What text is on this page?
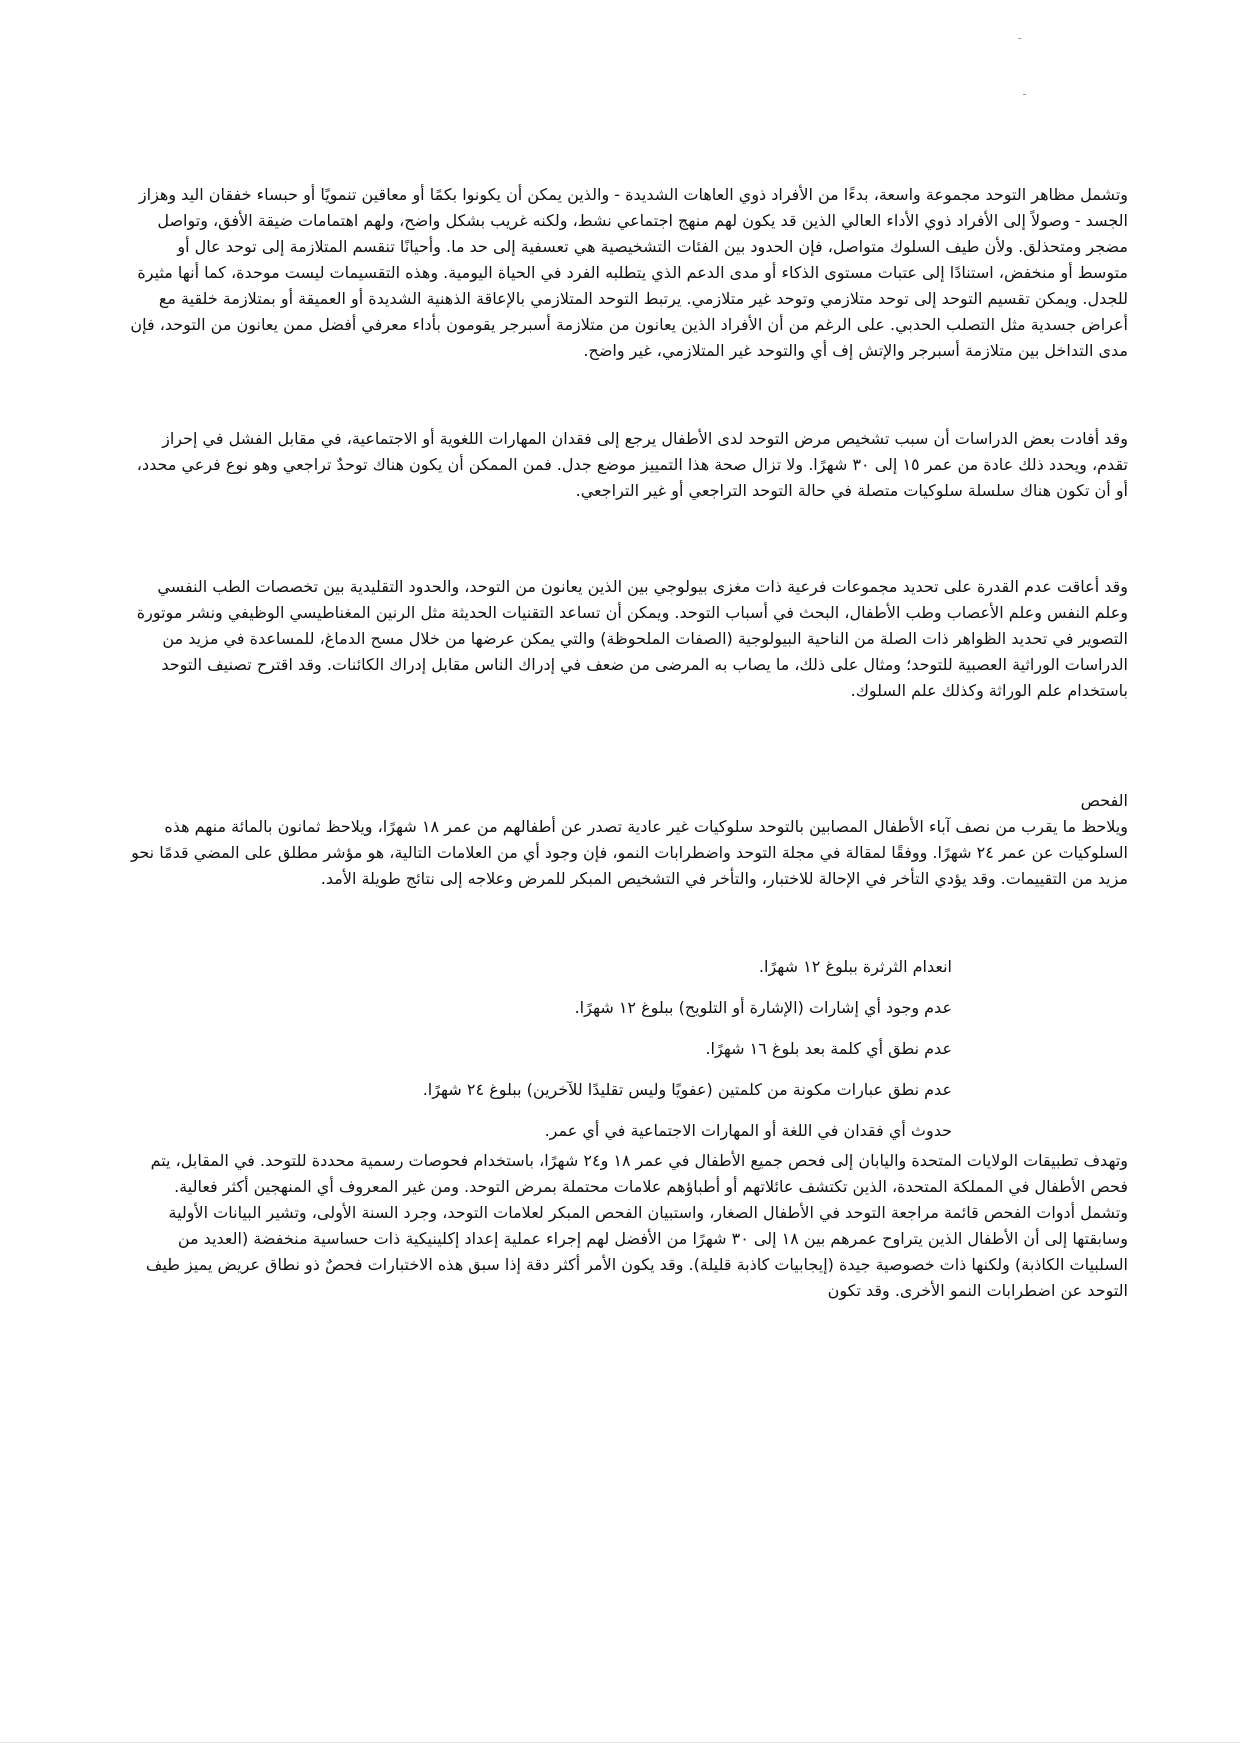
وتشمل مظاهر التوحد مجموعة واسعة، بدءًا من الأفراد ذوي العاهات الشديدة - والذين يمكن أن يكونوا بكمًا أو معاقين تنمويًا أو حبساء خفقان اليد وهزاز الجسد - وصولاً إلى الأفراد ذوي الأداء العالي الذين قد يكون لهم منهج اجتماعي نشط، ولكنه غريب بشكل واضح، ولهم اهتمامات ضيقة الأفق، وتواصل مضجر ومتحذلق. ولأن طيف السلوك متواصل، فإن الحدود بين الفئات التشخيصية هي تعسفية إلى حد ما. وأحيانًا تنقسم المتلازمة إلى توحد عال أو متوسط أو منخفض، استنادًا إلى عتبات مستوى الذكاء أو مدى الدعم الذي يتطلبه الفرد في الحياة اليومية. وهذه التقسيمات ليست موحدة، كما أنها مثيرة للجدل. ويمكن تقسيم التوحد إلى توحد متلازمي وتوحد غير متلازمي. يرتبط التوحد المتلازمي بالإعاقة الذهنية الشديدة أو العميقة أو بمتلازمة خلقية مع أعراض جسدية مثل التصلب الحدبي. على الرغم من أن الأفراد الذين يعانون من متلازمة أسبرجر يقومون بأداء معرفي أفضل ممن يعانون من التوحد، فإن مدى التداخل بين متلازمة أسبرجر والإتش إف أي والتوحد غير المتلازمي، غير واضح.

وقد أفادت بعض الدراسات أن سبب تشخيص مرض التوحد لدى الأطفال يرجع إلى فقدان المهارات اللغوية أو الاجتماعية، في مقابل الفشل في إحراز تقدم، ويحدد ذلك عادة من عمر ١٥ إلى ٣٠ شهرًا. ولا تزال صحة هذا التمييز موضع جدل. فمن الممكن أن يكون هناك توحدٌ تراجعي وهو نوع فرعي محدد، أو أن تكون هناك سلسلة سلوكيات متصلة في حالة التوحد التراجعي أو غير التراجعي.

وقد أعاقت عدم القدرة على تحديد مجموعات فرعية ذات مغزى بيولوجي بين الذين يعانون من التوحد، والحدود التقليدية بين تخصصات الطب النفسي وعلم النفس وعلم الأعصاب وطب الأطفال، البحث في أسباب التوحد. ويمكن أن تساعد التقنيات الحديثة مثل الرنين المغناطيسي الوظيفي ونشر موتورة التصوير في تحديد الظواهر ذات الصلة من الناحية البيولوجية (الصفات الملحوظة) والتي يمكن عرضها من خلال مسح الدماغ، للمساعدة في مزيد من الدراسات الوراثية العصبية للتوحد؛ ومثال على ذلك، ما يصاب به المرضى من ضعف في إدراك الناس مقابل إدراك الكائنات. وقد اقترح تصنيف التوحد باستخدام علم الوراثة وكذلك علم السلوك.

الفحص

ويلاحظ ما يقرب من نصف آباء الأطفال المصابين بالتوحد سلوكيات غير عادية تصدر عن أطفالهم من عمر ١٨ شهرًا، ويلاحظ ثمانون بالمائة منهم هذه السلوكيات عن عمر ٢٤ شهرًا. ووفقًا لمقالة في مجلة التوحد واضطرابات النمو، فإن وجود أي من العلامات التالية، هو مؤشر مطلق على المضي قدمًا نحو مزيد من التقييمات. وقد يؤدي التأخر في الإحالة للاختبار، والتأخر في التشخيص المبكر للمرض وعلاجه إلى نتائج طويلة الأمد.

انعدام الثرثرة ببلوغ ١٢ شهرًا.
عدم وجود أي إشارات (الإشارة أو التلويح) ببلوغ ١٢ شهرًا.
عدم نطق أي كلمة بعد بلوغ ١٦ شهرًا.
عدم نطق عبارات مكونة من كلمتين (عفويًا وليس تقليدًا للآخرين) ببلوغ ٢٤ شهرًا.
حدوث أي فقدان في اللغة أو المهارات الاجتماعية في أي عمر.

وتهدف تطبيقات الولايات المتحدة واليابان إلى فحص جميع الأطفال في عمر ١٨ و٢٤ شهرًا، باستخدام فحوصات رسمية محددة للتوحد. في المقابل، يتم فحص الأطفال في المملكة المتحدة، الذين تكتشف عائلاتهم أو أطباؤهم علامات محتملة بمرض التوحد. ومن غير المعروف أي المنهجين أكثر فعالية. وتشمل أدوات الفحص قائمة مراجعة التوحد في الأطفال الصغار، واستبيان الفحص المبكر لعلامات التوحد، وجرد السنة الأولى، وتشير البيانات الأولية وسابقتها إلى أن الأطفال الذين يتراوح عمرهم بين ١٨ إلى ٣٠ شهرًا من الأفضل لهم إجراء عملية إعداد إكلينيكية ذات حساسية منخفضة (العديد من السلبيات الكاذبة) ولكنها ذات خصوصية جيدة (إيجابيات كاذبة قليلة). وقد يكون الأمر أكثر دقة إذا سبق هذه الاختبارات فحصٌ ذو نطاق عريض يميز طيف التوحد عن اضطرابات النمو الأخرى. وقد تكون
